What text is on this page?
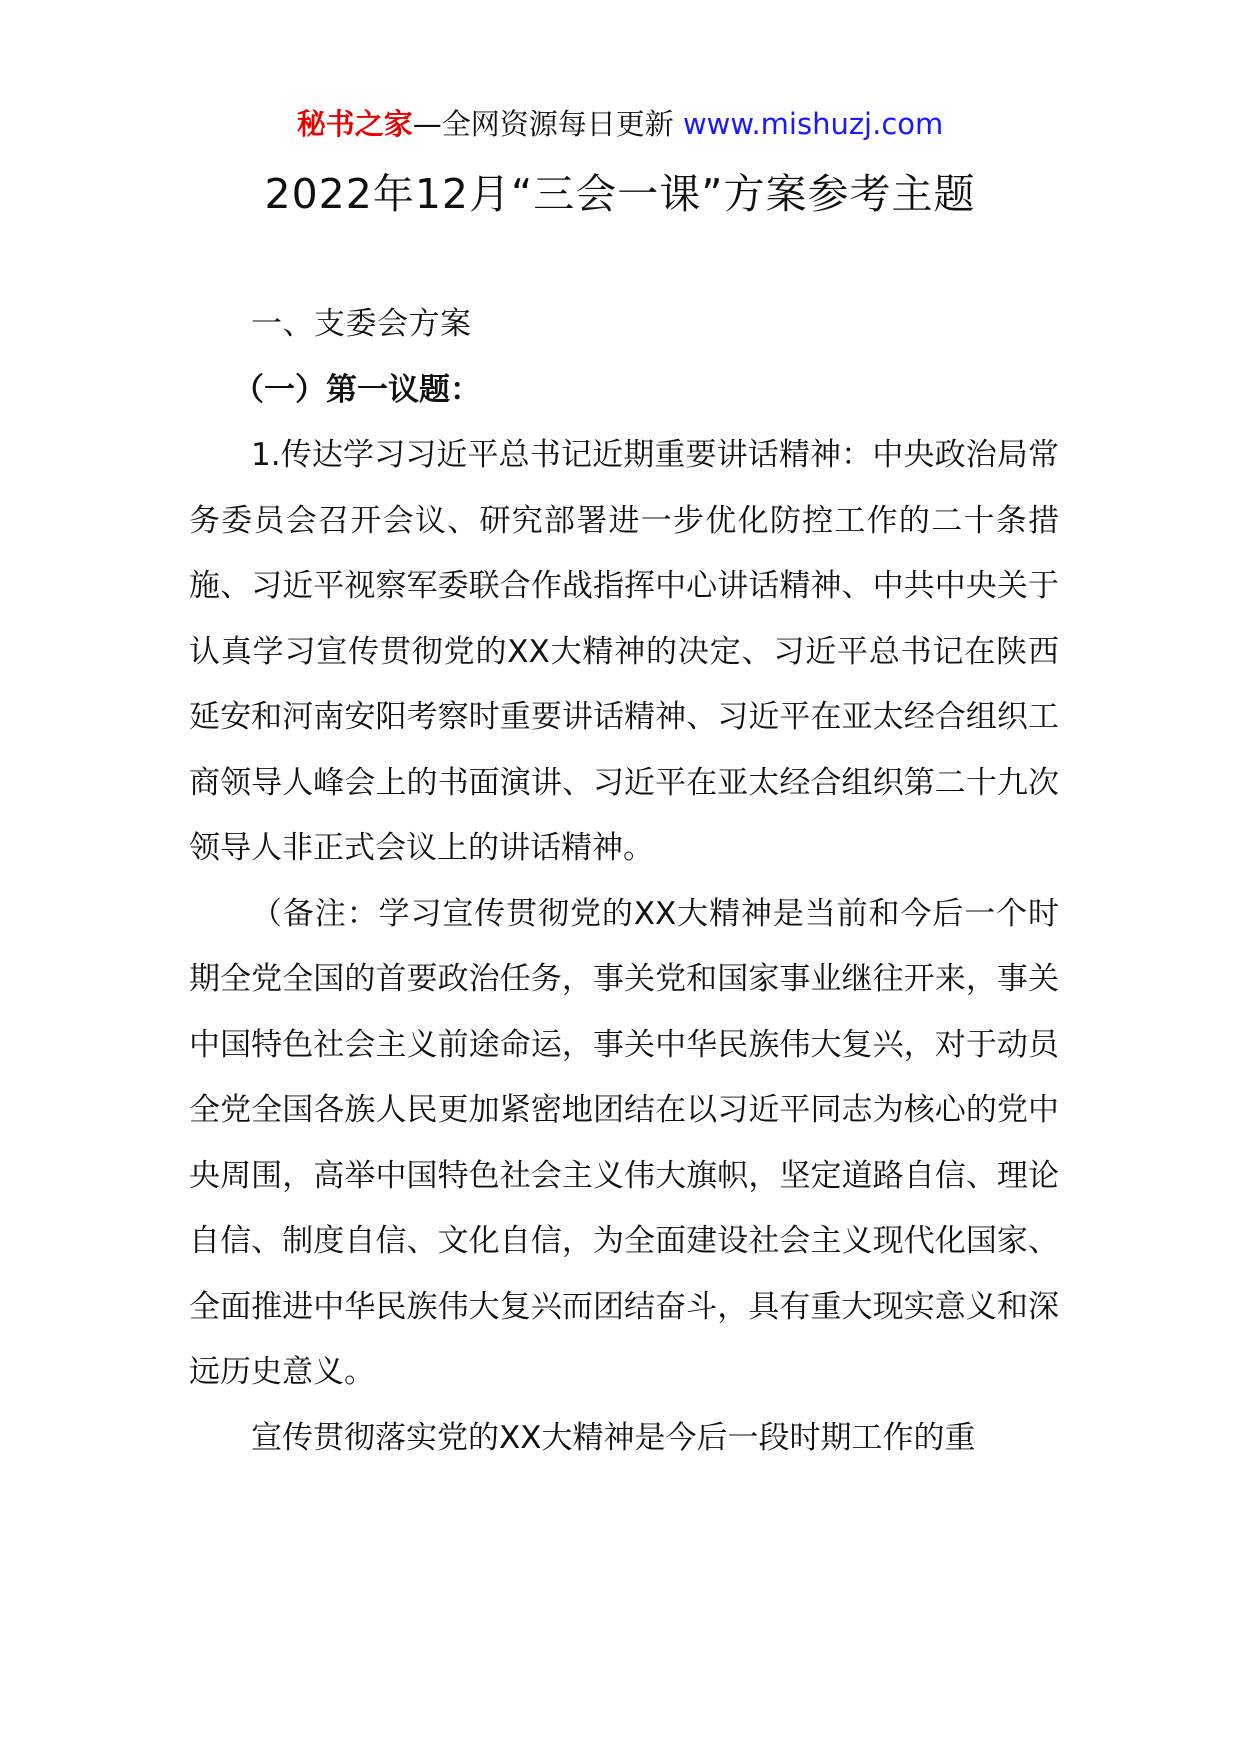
秘书之家—全网资源每日更新 www.mishuzj.com
2022年12月“三会一课”方案参考主题

一、支委会方案

（一）第一议题：

1.传达学习习近平总书记近期重要讲话精神：中央政治局常务委员会召开会议、研究部署进一步优化防控工作的二十条措施、习近平视察军委联合作战指挥中心讲话精神、中共中央关于认真学习宣传贯彻党的XX大精神的决定、习近平总书记在陕西延安和河南安阳考察时重要讲话精神、习近平在亚太经合组织工商领导人峰会上的书面演讲、习近平在亚太经合组织第二十九次领导人非正式会议上的讲话精神。

（备注：学习宣传贯彻党的XX大精神是当前和今后一个时期全党全国的首要政治任务，事关党和国家事业继往开来，事关中国特色社会主义前途命运，事关中华民族伟大复兴，对于动员全党全国各族人民更加紧密地团结在以习近平同志为核心的党中央周围，高举中国特色社会主义伟大旗帜，坚定道路自信、理论自信、制度自信、文化自信，为全面建设社会主义现代化国家、全面推进中华民族伟大复兴而团结奋斗，具有重大现实意义和深远历史意义。

宣传贯彻落实党的XX大精神是今后一段时期工作的重
